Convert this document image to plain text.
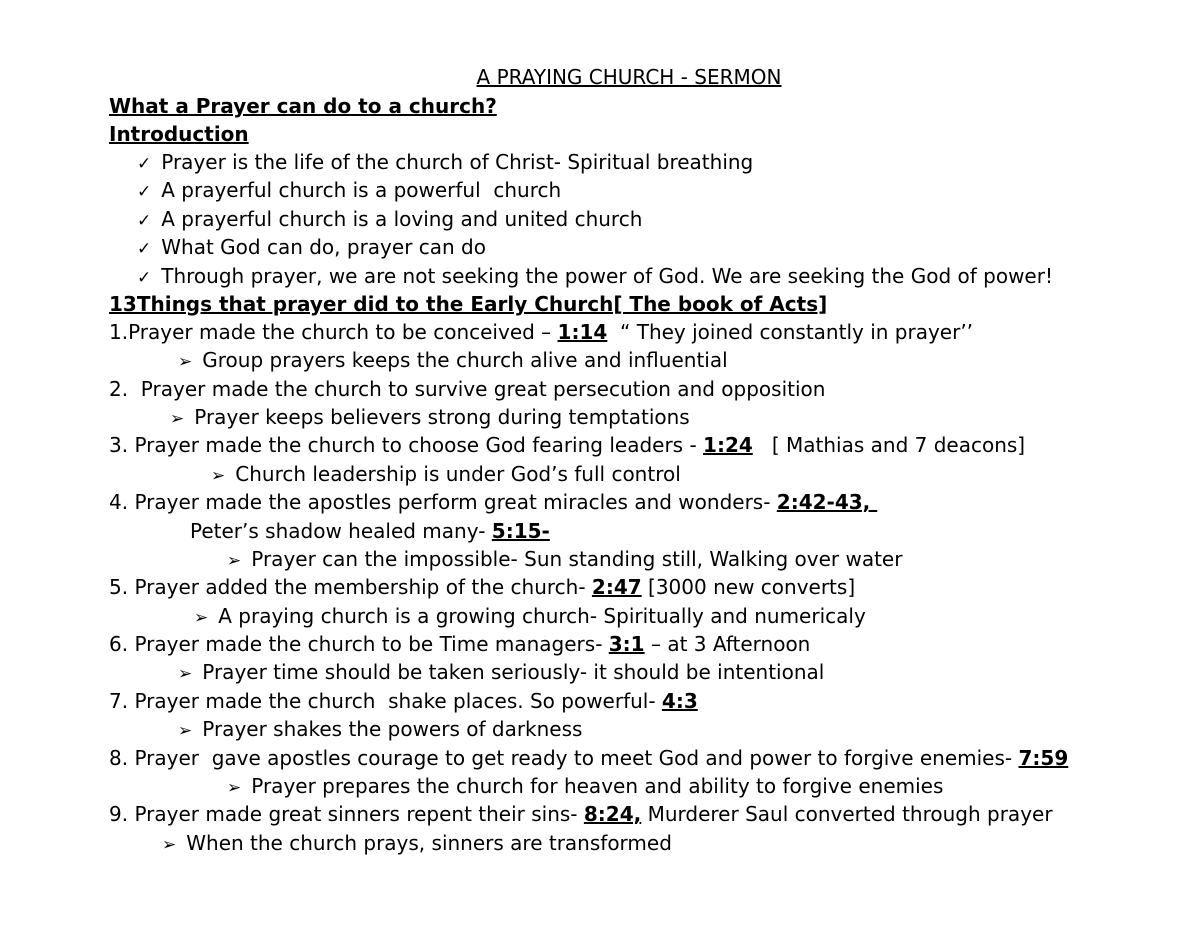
A PRAYING CHURCH - SERMON
What a Prayer can do to a church?
Introduction
✓ Prayer is the life of the church of Christ- Spiritual breathing
✓ A prayerful church is a powerful  church
✓ A prayerful church is a loving and united church
✓ What God can do, prayer can do
✓ Through prayer, we are not seeking the power of God. We are seeking the God of power!
13Things that prayer did to the Early Church[ The book of Acts]
1.Prayer made the church to be conceived – 1:14  “ They joined constantly in prayer’’
➢ Group prayers keeps the church alive and influential
2.  Prayer made the church to survive great persecution and opposition
➢ Prayer keeps believers strong during temptations
3. Prayer made the church to choose God fearing leaders - 1:24   [ Mathias and 7 deacons]
➢ Church leadership is under God’s full control
4. Prayer made the apostles perform great miracles and wonders- 2:42-43,
Peter’s shadow healed many- 5:15-
➢ Prayer can the impossible- Sun standing still, Walking over water
5. Prayer added the membership of the church- 2:47 [3000 new converts]
➢ A praying church is a growing church- Spiritually and numericaly
6. Prayer made the church to be Time managers- 3:1 – at 3 Afternoon
➢ Prayer time should be taken seriously- it should be intentional
7. Prayer made the church  shake places. So powerful- 4:3
➢ Prayer shakes the powers of darkness
8. Prayer  gave apostles courage to get ready to meet God and power to forgive enemies- 7:59
➢ Prayer prepares the church for heaven and ability to forgive enemies
9. Prayer made great sinners repent their sins- 8:24, Murderer Saul converted through prayer
➢ When the church prays, sinners are transformed
